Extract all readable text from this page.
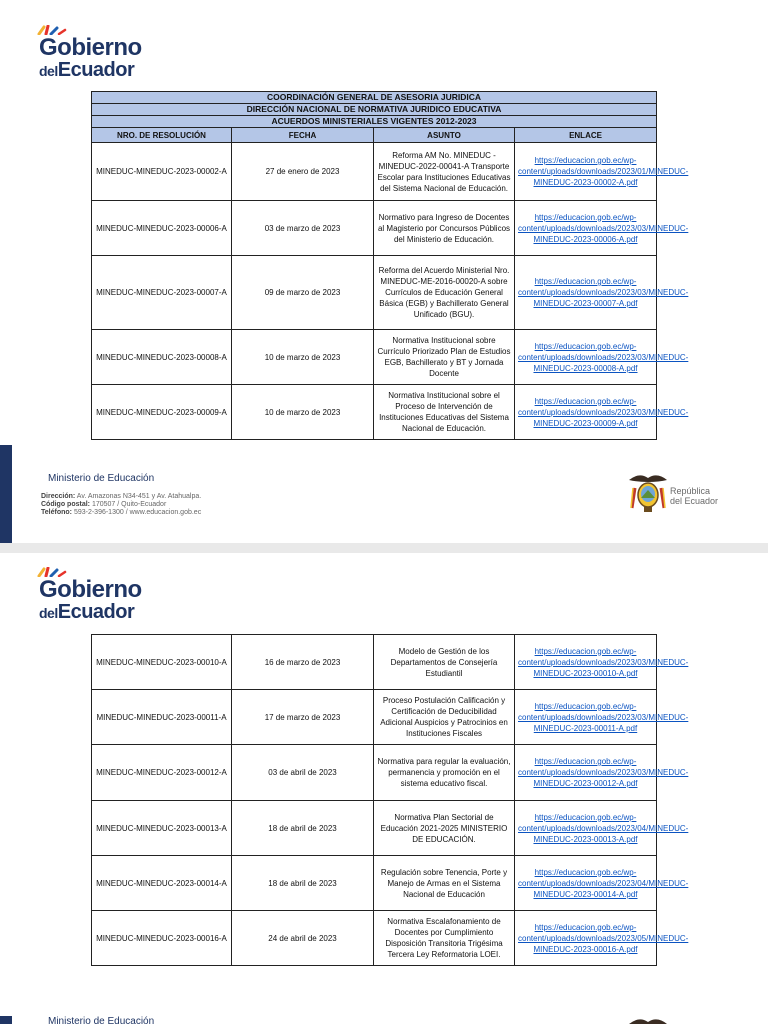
Gobierno
delEcuador
COORDINACIÓN GENERAL DE ASESORIA JURIDICA			
DIRECCIÓN NACIONAL DE NORMATIVA JURIDICO EDUCATIVA			
ACUERDOS MINISTERIALES VIGENTES 2012-2023			
NRO. DE RESOLUCIÓN	FECHA	ASUNTO	ENLACE
MINEDUC-MINEDUC-2023-00002-A	27 de enero de 2023	Reforma AM No. MINEDUC - MINEDUC-2022-00041-A Transporte Escolar para Instituciones Educativas del Sistema Nacional de Educación.	https://educacion.gob.ec/wp-content/uploads/downloads/2023/01/MINEDUC-MINEDUC-2023-00002-A.pdf
MINEDUC-MINEDUC-2023-00006-A	03 de marzo de 2023	Normativo para Ingreso de Docentes al Magisterio por Concursos Públicos del Ministerio de Educación.	https://educacion.gob.ec/wp-content/uploads/downloads/2023/03/MINEDUC-MINEDUC-2023-00006-A.pdf
MINEDUC-MINEDUC-2023-00007-A	09 de marzo de 2023	Reforma del Acuerdo Ministerial Nro. MINEDUC-ME-2016-00020-A sobre Currículos de Educación General Básica (EGB) y Bachillerato General Unificado (BGU).	https://educacion.gob.ec/wp-content/uploads/downloads/2023/03/MINEDUC-MINEDUC-2023-00007-A.pdf
MINEDUC-MINEDUC-2023-00008-A	10 de marzo de 2023	Normativa Institucional sobre Currículo Priorizado Plan de Estudios EGB, Bachillerato y BT y Jornada Docente	https://educacion.gob.ec/wp-content/uploads/downloads/2023/03/MINEDUC-MINEDUC-2023-00008-A.pdf
MINEDUC-MINEDUC-2023-00009-A	10 de marzo de 2023	Normativa Institucional sobre el Proceso de Intervención de Instituciones Educativas del Sistema Nacional de Educación.	https://educacion.gob.ec/wp-content/uploads/downloads/2023/03/MINEDUC-MINEDUC-2023-00009-A.pdf
Ministerio de Educación
Dirección: Av. Amazonas N34-451 y Av. Atahualpa.
Código postal: 170507 / Quito-Ecuador
Teléfono: 593-2-396-1300 / www.educacion.gob.ec
República
del Ecuador
Gobierno
delEcuador
MINEDUC-MINEDUC-2023-00010-A	16 de marzo de 2023	Modelo de Gestión de los Departamentos de Consejería Estudiantil	https://educacion.gob.ec/wp-content/uploads/downloads/2023/03/MINEDUC-MINEDUC-2023-00010-A.pdf
MINEDUC-MINEDUC-2023-00011-A	17 de marzo de 2023	Proceso Postulación Calificación y Certificación de Deducibilidad Adicional Auspicios y Patrocinios en Instituciones Fiscales	https://educacion.gob.ec/wp-content/uploads/downloads/2023/03/MINEDUC-MINEDUC-2023-00011-A.pdf
MINEDUC-MINEDUC-2023-00012-A	03 de abril de 2023	Normativa para regular la evaluación, permanencia y promoción en el sistema educativo fiscal.	https://educacion.gob.ec/wp-content/uploads/downloads/2023/03/MINEDUC-MINEDUC-2023-00012-A.pdf
MINEDUC-MINEDUC-2023-00013-A	18 de abril de 2023	Normativa Plan Sectorial de Educación 2021-2025 MINISTERIO DE EDUCACIÓN.	https://educacion.gob.ec/wp-content/uploads/downloads/2023/04/MINEDUC-MINEDUC-2023-00013-A.pdf
MINEDUC-MINEDUC-2023-00014-A	18 de abril de 2023	Regulación sobre Tenencia, Porte y Manejo de Armas en el Sistema Nacional de Educación	https://educacion.gob.ec/wp-content/uploads/downloads/2023/04/MINEDUC-MINEDUC-2023-00014-A.pdf
MINEDUC-MINEDUC-2023-00016-A	24 de abril de 2023	Normativa Escalafonamiento de Docentes por Cumplimiento Disposición Transitoria Trigésima Tercera Ley Reformatoria LOEI.	https://educacion.gob.ec/wp-content/uploads/downloads/2023/05/MINEDUC-MINEDUC-2023-00016-A.pdf
Ministerio de Educación
